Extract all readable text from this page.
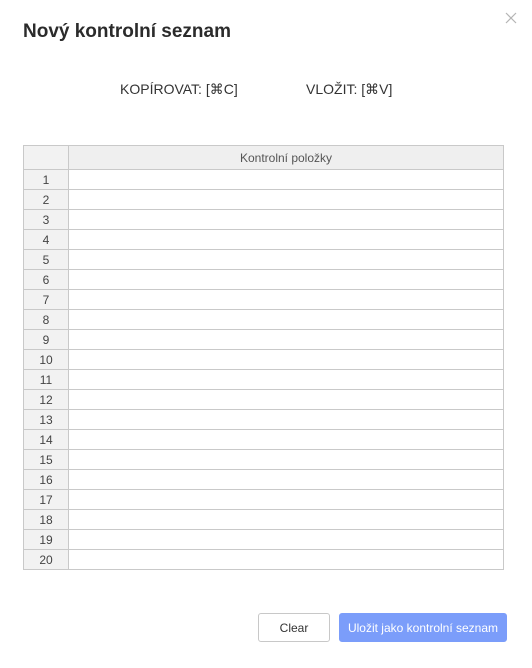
Nový kontrolní seznam
KOPÍROVAT: [⌘C]	VLOŽIT: [⌘V]
	Kontrolní položky
1	
2	
3	
4	
5	
6	
7	
8	
9	
10	
11	
12	
13	
14	
15	
16	
17	
18	
19	
20	
Clear	Uložit jako kontrolní seznam
